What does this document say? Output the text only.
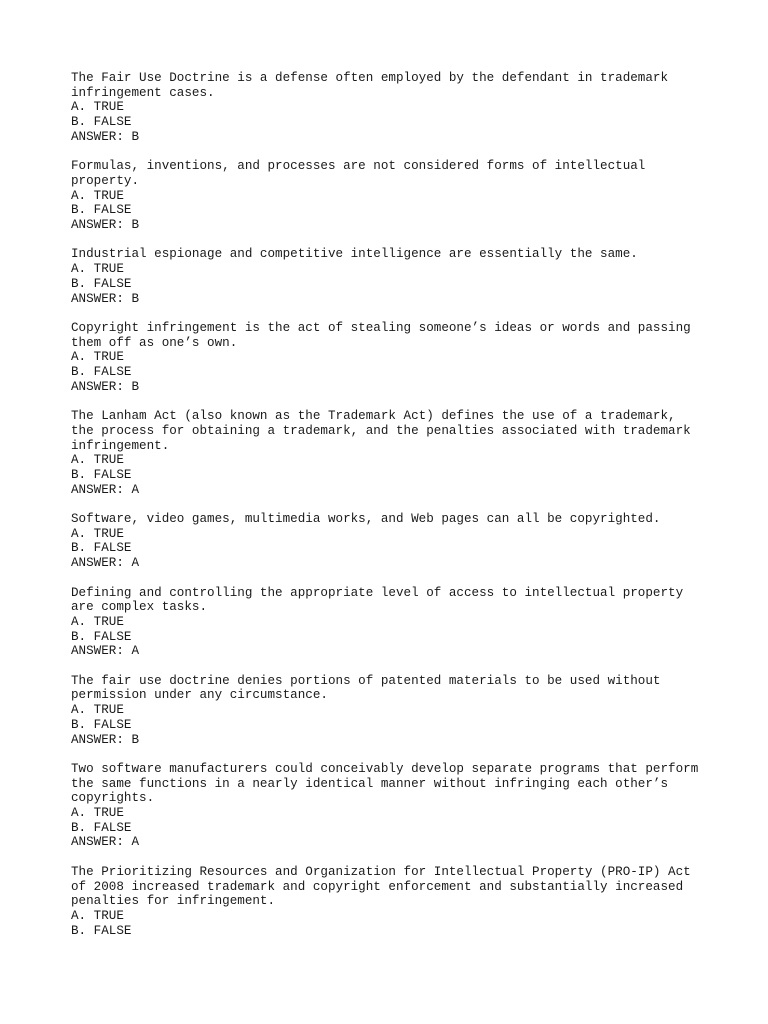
The Fair Use Doctrine is a defense often employed by the defendant in trademark
infringement cases.
A. TRUE
B. FALSE
ANSWER: B
Formulas, inventions, and processes are not considered forms of intellectual
property.
A. TRUE
B. FALSE
ANSWER: B
Industrial espionage and competitive intelligence are essentially the same.
A. TRUE
B. FALSE
ANSWER: B
Copyright infringement is the act of stealing someone’s ideas or words and passing
them off as one’s own.
A. TRUE
B. FALSE
ANSWER: B
The Lanham Act (also known as the Trademark Act) defines the use of a trademark,
the process for obtaining a trademark, and the penalties associated with trademark
infringement.
A. TRUE
B. FALSE
ANSWER: A
Software, video games, multimedia works, and Web pages can all be copyrighted.
A. TRUE
B. FALSE
ANSWER: A
Defining and controlling the appropriate level of access to intellectual property
are complex tasks.
A. TRUE
B. FALSE
ANSWER: A
The fair use doctrine denies portions of patented materials to be used without
permission under any circumstance.
A. TRUE
B. FALSE
ANSWER: B
Two software manufacturers could conceivably develop separate programs that perform
the same functions in a nearly identical manner without infringing each other’s
copyrights.
A. TRUE
B. FALSE
ANSWER: A
The Prioritizing Resources and Organization for Intellectual Property (PRO-IP) Act
of 2008 increased trademark and copyright enforcement and substantially increased
penalties for infringement.
A. TRUE
B. FALSE
